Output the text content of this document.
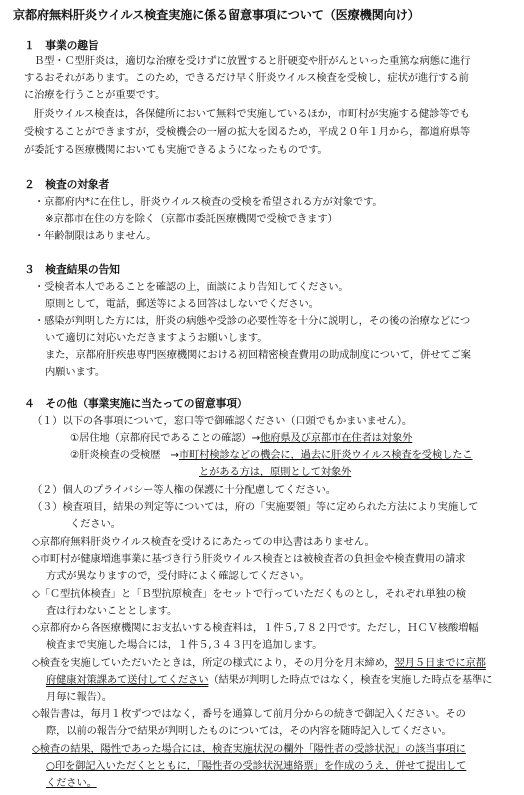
京都府無料肝炎ウイルス検査実施に係る留意事項について（医療機関向け）
１　事業の趣旨
Ｂ型・Ｃ型肝炎は，適切な治療を受けずに放置すると肝硬変や肝がんといった重篤な病態に進行
するおそれがあります。このため，できるだけ早く肝炎ウイルス検査を受検し，症状が進行する前
に治療を行うことが重要です。
肝炎ウイルス検査は，各保健所において無料で実施しているほか，市町村が実施する健診等でも
受検することができますが，受検機会の一層の拡大を図るため，平成２０年１月から，都道府県等
が委託する医療機関においても実施できるようになったものです。
２　検査の対象者
・京都府内*に在住し，肝炎ウイルス検査の受検を希望される方が対象です。
※京都市在住の方を除く（京都市委託医療機関で受検できます）
・年齢制限はありません。
３　検査結果の告知
・受検者本人であることを確認の上，面談により告知してください。
原則として，電話，郵送等による回答はしないでください。
・感染が判明した方には，肝炎の病態や受診の必要性等を十分に説明し，その後の治療などにつ
いて適切に対応いただきますようお願いします。
また，京都府肝疾患専門医療機関における初回精密検査費用の助成制度について，併せてご案
内願います。
４　その他（事業実施に当たっての留意事項）
（１）以下の各事項について，窓口等で御確認ください（口頭でもかまいません）。
①居住地（京都府民であることの確認）→他府県及び京都市在住者は対象外
②肝炎検査の受検歴　→市町村検診などの機会に，過去に肝炎ウイルス検査を受検したこ
とがある方は，原則として対象外
（２）個人のプライバシー等人権の保護に十分配慮してください。
（３）検査項目，結果の判定等については，府の「実施要領」等に定められた方法により実施して
ください。
◇京都府無料肝炎ウイルス検査を受けるにあたっての申込書はありません。
◇市町村が健康増進事業に基づき行う肝炎ウイルス検査とは被検査者の負担金や検査費用の請求
方式が異なりますので，受付時によく確認してください。
◇「Ｃ型抗体検査」と「Ｂ型抗原検査」をセットで行っていただくものとし，それぞれ単独の検
査は行わないこととします。
◇京都府から各医療機関にお支払いする検査料は，１件５,７８２円です。ただし，ＨＣＶ核酸増幅
検査まで実施した場合には，１件５,３４３円を追加します。
◇検査を実施していただいたときは，所定の様式により，その月分を月末締め，翌月５日までに京都
府健康対策課あて送付してください（結果が判明した時点ではなく，検査を実施した時点を基準に
月毎に報告）。
◇報告書は，毎月１枚ずつではなく，番号を通算して前月分からの続きで御記入ください。その
際，以前の報告分で結果が判明したものについては，その内容を随時記入してください。
◇検査の結果，陽性であった場合には，検査実施状況の欄外「陽性者の受診状況」の該当事項に
○印を御記入いただくとともに，「陽性者の受診状況連絡票」を作成のうえ，併せて提出して
ください。
